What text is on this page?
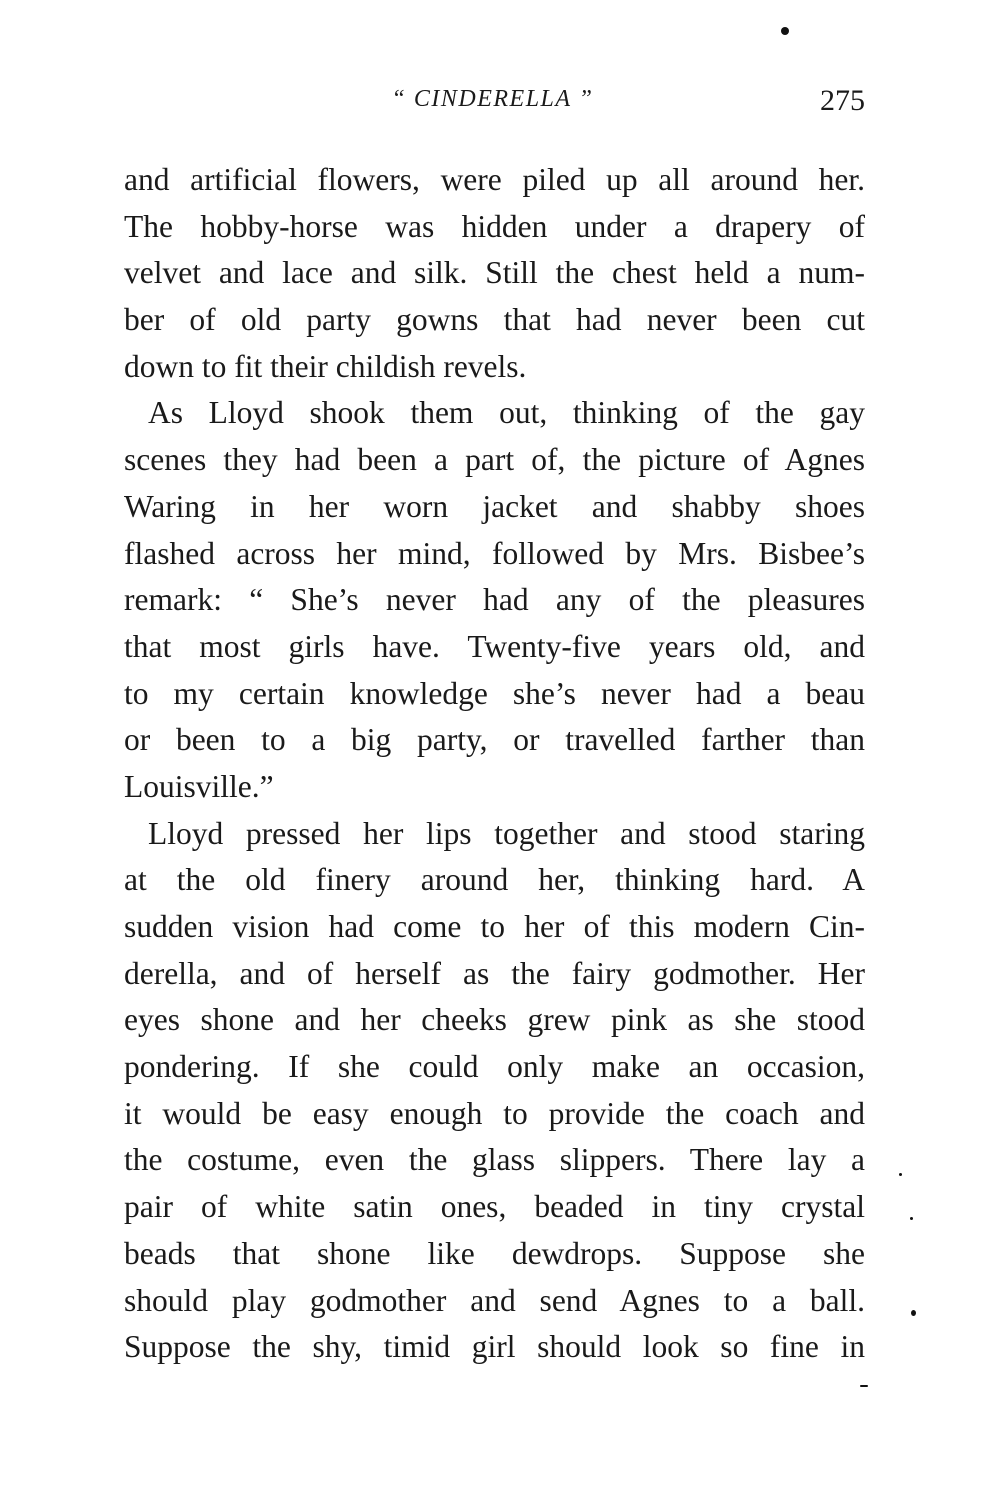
“ CINDERELLA ”	275
and artificial flowers, were piled up all around her.
The hobby-horse was hidden under a drapery of
velvet and lace and silk. Still the chest held a num-
ber of old party gowns that had never been cut
down to fit their childish revels.
As Lloyd shook them out, thinking of the gay
scenes they had been a part of, the picture of Agnes
Waring in her worn jacket and shabby shoes
flashed across her mind, followed by Mrs. Bisbee’s
remark: “ She’s never had any of the pleasures
that most girls have. Twenty-five years old, and
to my certain knowledge she’s never had a beau
or been to a big party, or travelled farther than
Louisville.”
Lloyd pressed her lips together and stood staring
at the old finery around her, thinking hard. A
sudden vision had come to her of this modern Cin-
derella, and of herself as the fairy godmother. Her
eyes shone and her cheeks grew pink as she stood
pondering. If she could only make an occasion,
it would be easy enough to provide the coach and
the costume, even the glass slippers. There lay a
pair of white satin ones, beaded in tiny crystal
beads that shone like dewdrops. Suppose she
should play godmother and send Agnes to a ball.
Suppose the shy, timid girl should look so fine in
